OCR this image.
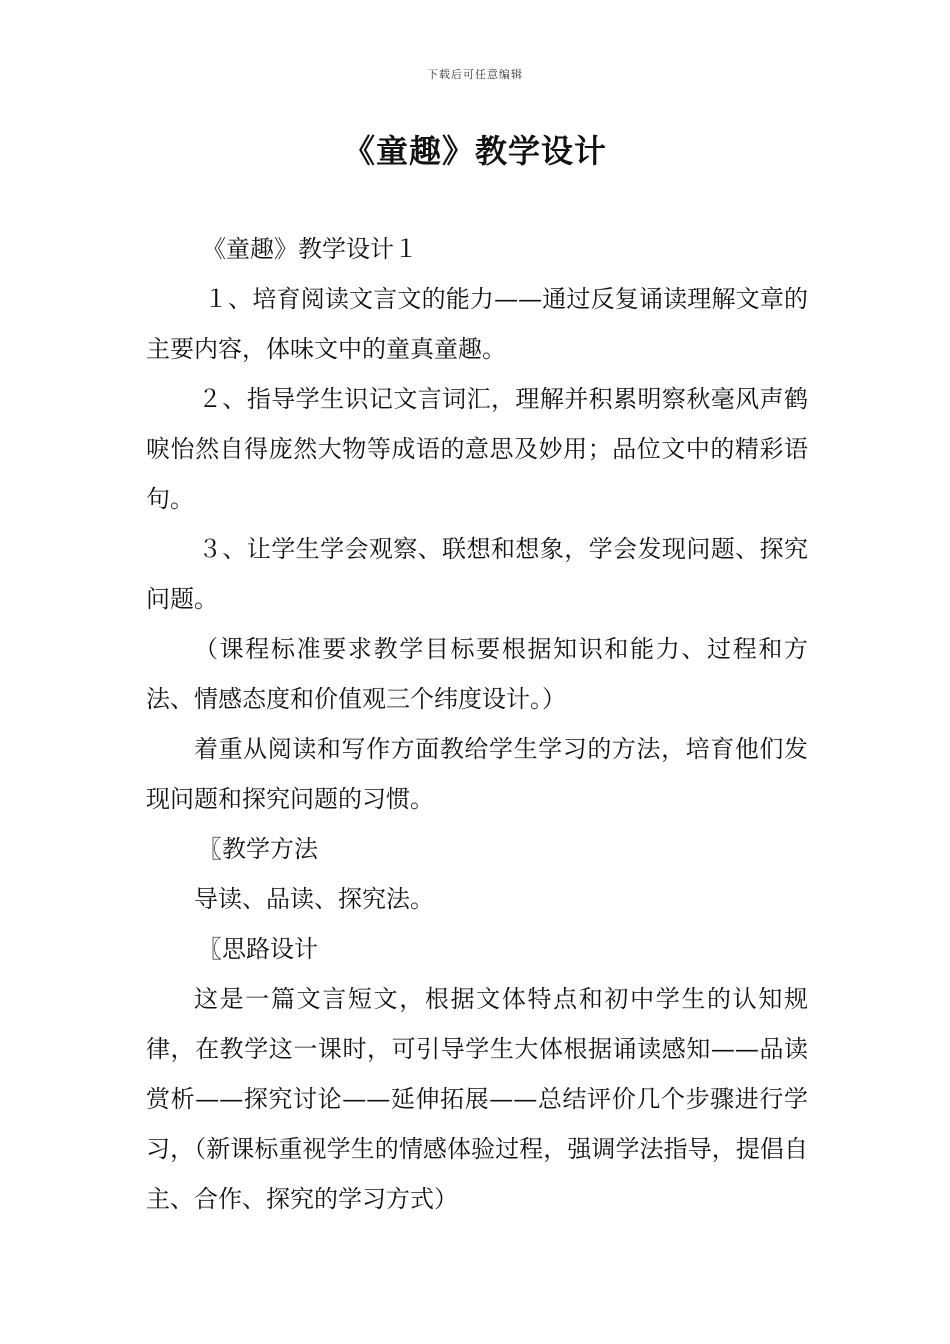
下载后可任意编辑
《童趣》教学设计

《童趣》教学设计１

１、培育阅读文言文的能力——通过反复诵读理解文章的主要内容，体味文中的童真童趣。

２、指导学生识记文言词汇，理解并积累明察秋毫风声鹤唳怡然自得庞然大物等成语的意思及妙用；品位文中的精彩语句。

３、让学生学会观察、联想和想象，学会发现问题、探究问题。

（课程标准要求教学目标要根据知识和能力、过程和方法、情感态度和价值观三个纬度设计。）

着重从阅读和写作方面教给学生学习的方法，培育他们发现问题和探究问题的习惯。

〖教学方法

导读、品读、探究法。

〖思路设计

这是一篇文言短文，根据文体特点和初中学生的认知规律，在教学这一课时，可引导学生大体根据诵读感知——品读赏析——探究讨论——延伸拓展——总结评价几个步骤进行学习，（新课标重视学生的情感体验过程，强调学法指导，提倡自主、合作、探究的学习方式）
